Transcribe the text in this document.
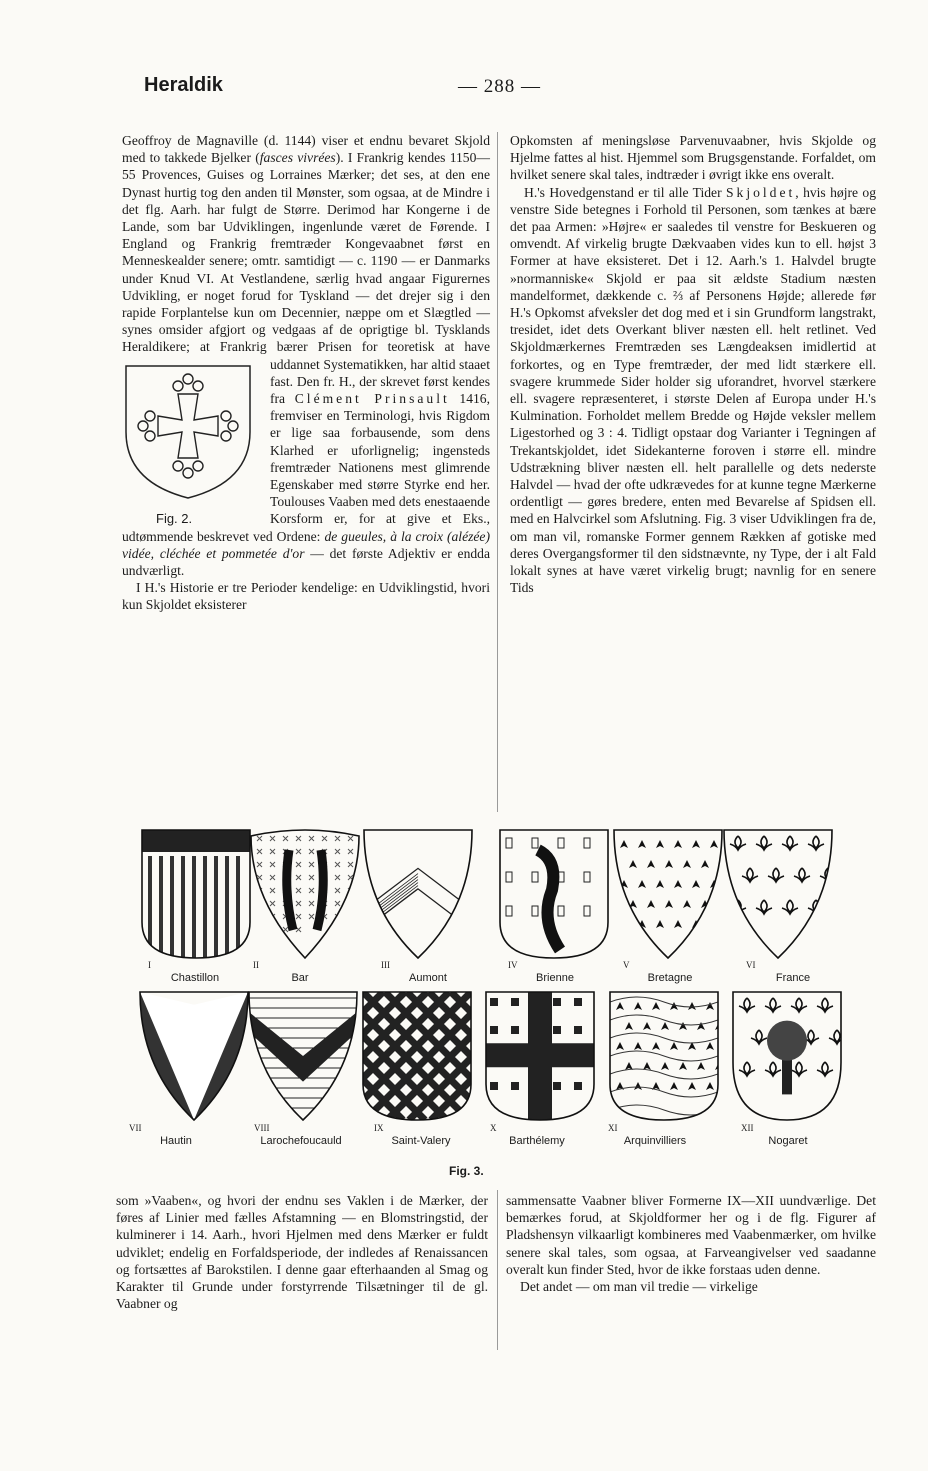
Heraldik	— 288 —

Geoffroy de Magnaville (d. 1144) viser et endnu bevaret Skjold med to takkede Bjelker (fasces vivrées). I Frankrig kendes 1150—55 Provences, Guises og Lorraines Mærker; det ses, at den ene Dynast hurtig tog den anden til Mønster, som ogsaa, at de Mindre i det flg. Aarh. har fulgt de Større. Derimod har Kongerne i de Lande, som bar Udviklingen, ingenlunde været de Førende. I England og Frankrig fremtræder Kongevaabnet først en Menneskealder senere; omtr. samtidigt — c. 1190 — er Danmarks under Knud VI. At Vestlandene, særlig hvad angaar Figurernes Udvikling, er noget forud for Tyskland — det drejer sig i den rapide Forplantelse kun om Decennier, næppe om et Slægtled — synes omsider afgjort og vedgaas af de oprigtige bl. Tysklands Heraldikere; at Frankrig bærer Prisen for teoretisk at have uddannet Systematikken,
Fig. 2.
har altid staaet fast. Den fr. H., der skrevet først kendes fra Clément Prinsault 1416, fremviser en Terminologi, hvis Rigdom er lige saa forbausende, som dens Klarhed er uforlignelig; ingensteds fremtræder Nationens mest glimrende Egenskaber med større Styrke end her. Toulouses Vaaben med dets enestaaende Korsform er, for at give et Eks., udtømmende beskrevet ved Ordene: de gueules, à la croix (alézée) vidée, cléchée et pommetée d'or — det første Adjektiv er endda undværligt.

I H.'s Historie er tre Perioder kendelige: en Udviklingstid, hvori kun Skjoldet eksisterer

Opkomsten af meningsløse Parvenuvaabner, hvis Skjolde og Hjelme fattes al hist. Hjemmel som Brugsgenstande. Forfaldet, om hvilket senere skal tales, indtræder i øvrigt ikke ens overalt.

H.'s Hovedgenstand er til alle Tider Skjoldet, hvis højre og venstre Side betegnes i Forhold til Personen, som tænkes at bære det paa Armen: »Højre« er saaledes til venstre for Beskueren og omvendt. Af virkelig brugte Dækvaaben vides kun to ell. højst 3 Former at have eksisteret. Det i 12. Aarh.'s 1. Halvdel brugte »normanniske« Skjold er paa sit ældste Stadium næsten mandelformet, dækkende c. ⅔ af Personens Højde; allerede før H.'s Opkomst afveksler det dog med et i sin Grundform langstrakt, tresidet, idet dets Overkant bliver næsten ell. helt retlinet. Ved Skjoldmærkernes Fremtræden ses Længdeaksen imidlertid at forkortes, og en Type fremtræder, der med lidt stærkere ell. svagere krummede Sider holder sig uforandret, hvorvel stærkere ell. svagere repræsenteret, i største Delen af Europa under H.'s Kulmination. Forholdet mellem Bredde og Højde veksler mellem Ligestorhed og 3 : 4. Tidligt opstaar dog Varianter i Tegningen af Trekantskjoldet, idet Sidekanterne foroven i større ell. mindre Udstrækning bliver næsten ell. helt parallelle og dets nederste Halvdel — hvad der ofte udkrævedes for at kunne tegne Mærkerne ordentligt — gøres bredere, enten med Bevarelse af Spidsen ell. med en Halvcirkel som Afslutning. Fig. 3 viser Udviklingen fra de, om man vil, romanske Former gennem Rækken af gotiske med deres Overgangsformer til den sidstnævnte, ny Type, der i alt Fald lokalt synes at have været virkelig brugt; navnlig for en senere Tids

Chastillon
I
Bar
II
Aumont
III
Brienne
IV
Bretagne
V
France
VI
Hautin
VII
Larochefoucauld
VIII
Saint-Valery
IX
Barthélemy
X
Arquinvilliers
XI
Nogaret
XII
Fig. 3.

som »Vaaben«, og hvori der endnu ses Vaklen i de Mærker, der føres af Linier med fælles Afstamning — en Blomstringstid, der kulminerer i 14. Aarh., hvori Hjelmen med dens Mærker er fuldt udviklet; endelig en Forfaldsperiode, der indledes af Renaissancen og fortsættes af Barokstilen. I denne gaar efterhaanden al Smag og Karakter til Grunde under forstyrrende Tilsætninger til de gl. Vaabner og

sammensatte Vaabner bliver Formerne IX—XII uundværlige. Det bemærkes forud, at Skjoldformer her og i de flg. Figurer af Pladshensyn vilkaarligt kombineres med Vaabenmærker, om hvilke senere skal tales, som ogsaa, at Farveangivelser ved saadanne overalt kun finder Sted, hvor de ikke forstaas uden denne.

Det andet — om man vil tredie — virkelige
